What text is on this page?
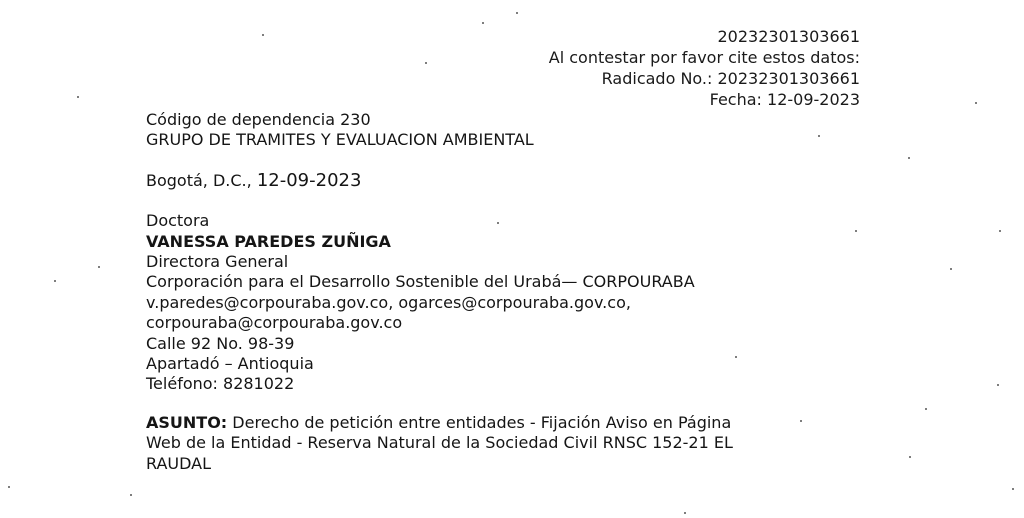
20232301303661
Al contestar por favor cite estos datos:
Radicado No.: 20232301303661
Fecha: 12-09-2023
Código de dependencia 230
GRUPO DE TRAMITES Y EVALUACION AMBIENTAL
Bogotá, D.C., 12-09-2023
Doctora
VANESSA PAREDES ZUÑIGA
Directora General
Corporación para el Desarrollo Sostenible del Urabá— CORPOURABA
v.paredes@corpouraba.gov.co, ogarces@corpouraba.gov.co,
corpouraba@corpouraba.gov.co
Calle 92 No. 98-39
Apartadó – Antioquia
Teléfono: 8281022
ASUNTO: Derecho de petición entre entidades - Fijación Aviso en Página
Web de la Entidad - Reserva Natural de la Sociedad Civil RNSC 152-21 EL
RAUDAL
